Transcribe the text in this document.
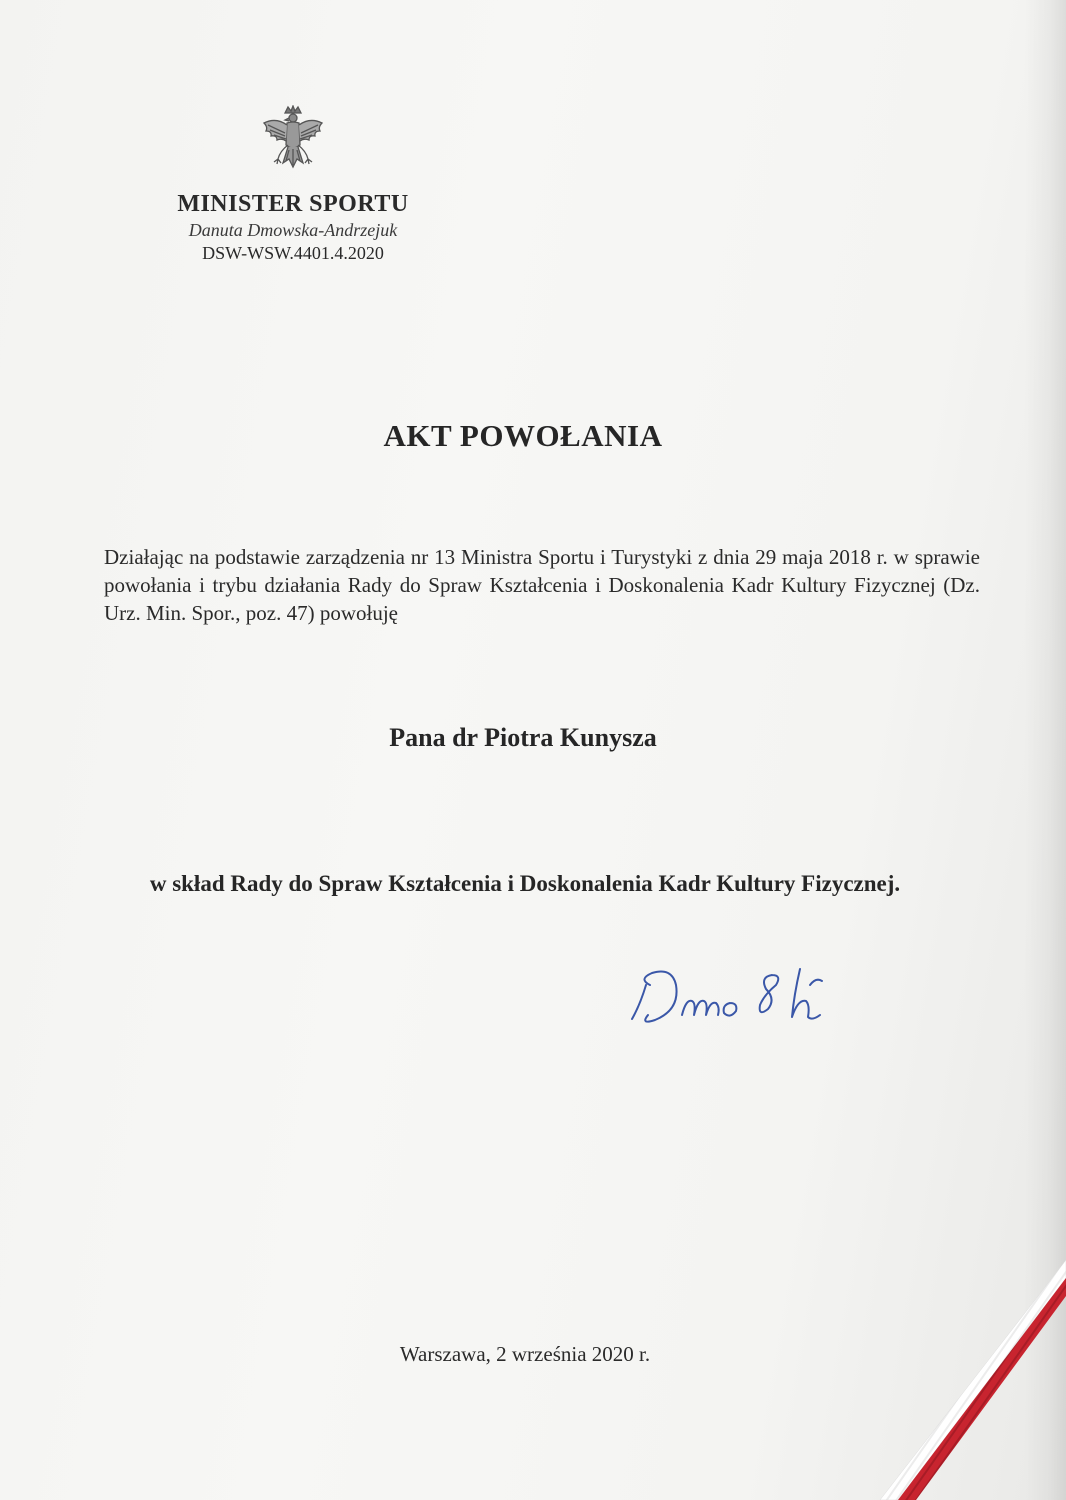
MINISTER SPORTU
Danuta Dmowska-Andrzejuk
DSW-WSW.4401.4.2020
AKT POWOŁANIA
Działając na podstawie zarządzenia nr 13 Ministra Sportu i Turystyki z dnia 29 maja 2018 r. w sprawie powołania i trybu działania Rady do Spraw Kształcenia i Doskonalenia Kadr Kultury Fizycznej (Dz. Urz. Min. Spor., poz. 47) powołuję
Pana dr Piotra Kunysza
w skład Rady do Spraw Kształcenia i Doskonalenia Kadr Kultury Fizycznej.
Warszawa, 2 września 2020 r.
